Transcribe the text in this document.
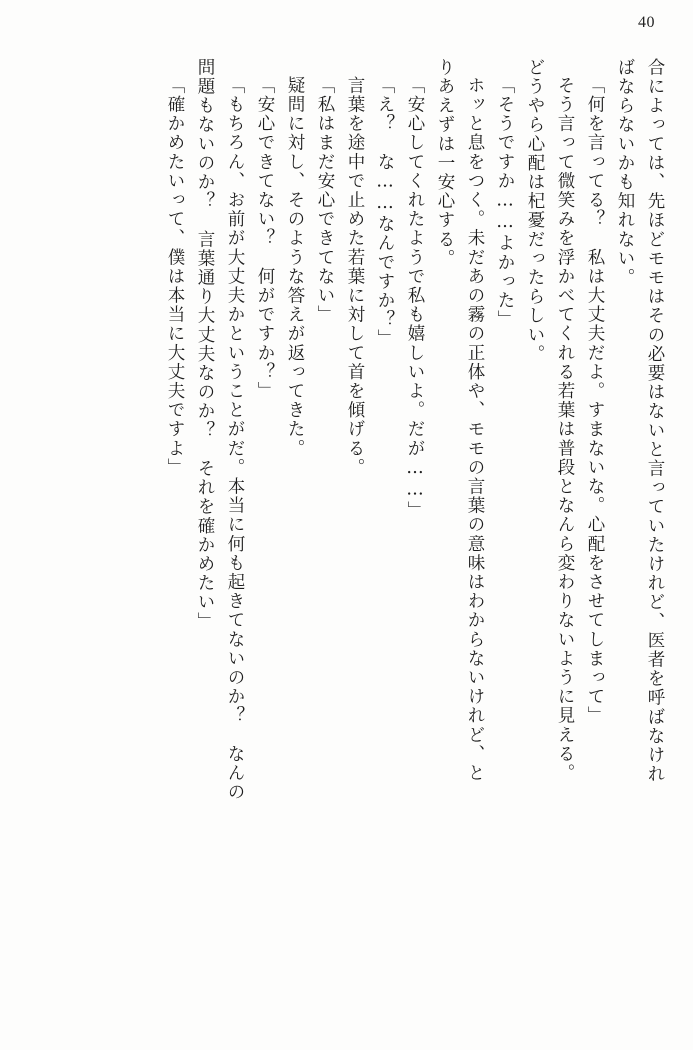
40
合によっては、先ほどモモはその必要はないと言っていたけれど、医者を呼ばなけれ
ばならないかも知れない。
「何を言ってる？　私は大丈夫だよ。すまないな。心配をさせてしまって」
そう言って微笑みを浮かべてくれる若葉は普段となんら変わりないように見える。
どうやら心配は杞憂だったらしい。
「そうですか……よかった」
ホッと息をつく。未だあの霧の正体や、モモの言葉の意味はわからないけれど、と
りあえずは一安心する。
「安心してくれたようで私も嬉しいよ。だが……」
「え？　な……なんですか？」
言葉を途中で止めた若葉に対して首を傾げる。
「私はまだ安心できてない」
疑問に対し、そのような答えが返ってきた。
「安心できてない？　何がですか？」
「もちろん、お前が大丈夫かということがだ。本当に何も起きてないのか？　なんの
問題もないのか？　言葉通り大丈夫なのか？　それを確かめたい」
「確かめたいって、僕は本当に大丈夫ですよ」
